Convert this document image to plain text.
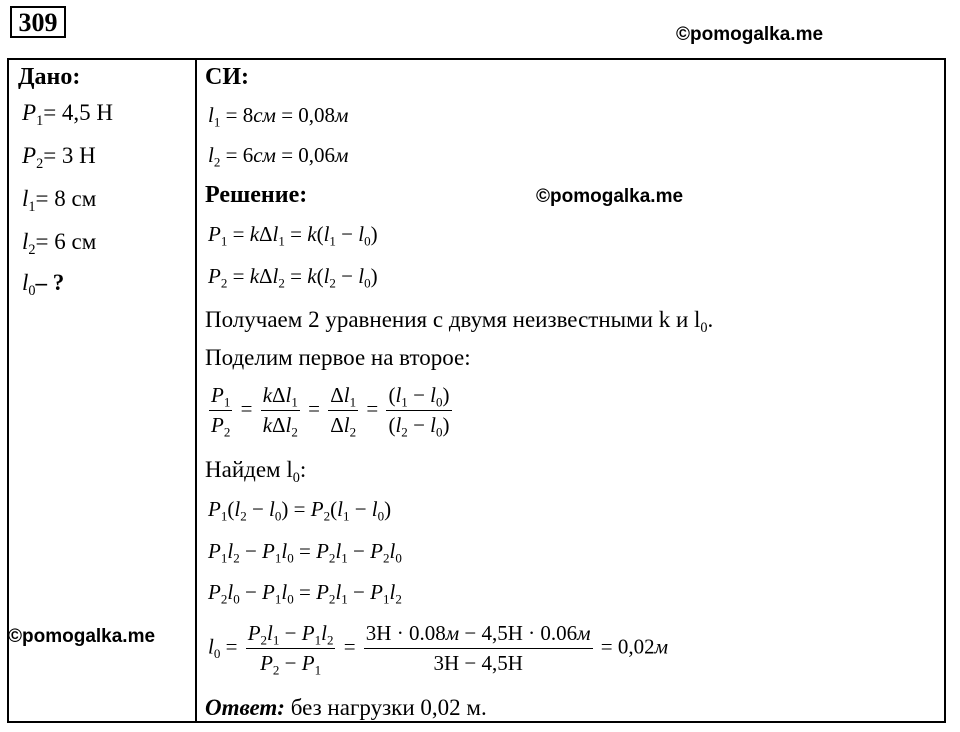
309	©pomogalka.me
Дано:
$P_1= 4,5$ Н
$P_2= 3$ Н
$l_1= 8$ см
$l_2= 6$ см
$l_0-$ ?
©pomogalka.me
СИ:
$l_1 = 8см = 0,08м$
$l_2 = 6см = 0,06м$
Решение:	©pomogalka.me
$P_1 = k\Delta l_1 = k(l_1 - l_0)$
$P_2 = k\Delta l_2 = k(l_2 - l_0)$
Получаем 2 уравнения с двумя неизвестными k и $l_0$.
Поделим первое на второе:
$\frac{P_1}{P_2} = \frac{k\Delta l_1}{k\Delta l_2} = \frac{\Delta l_1}{\Delta l_2} = \frac{(l_1 - l_0)}{(l_2 - l_0)}$
Найдем $l_0$:
$P_1(l_2 - l_0) = P_2(l_1 - l_0)$
$P_1l_2 - P_1l_0 = P_2l_1 - P_2l_0$
$P_2l_0 - P_1l_0 = P_2l_1 - P_1l_2$
$l_0 = \frac{P_2l_1 - P_1l_2}{P_2 - P_1} = \frac{3H \cdot 0.08м - 4,5H \cdot 0.06м}{3H - 4,5H} = 0,02м$
Ответ: без нагрузки 0,02 м.
